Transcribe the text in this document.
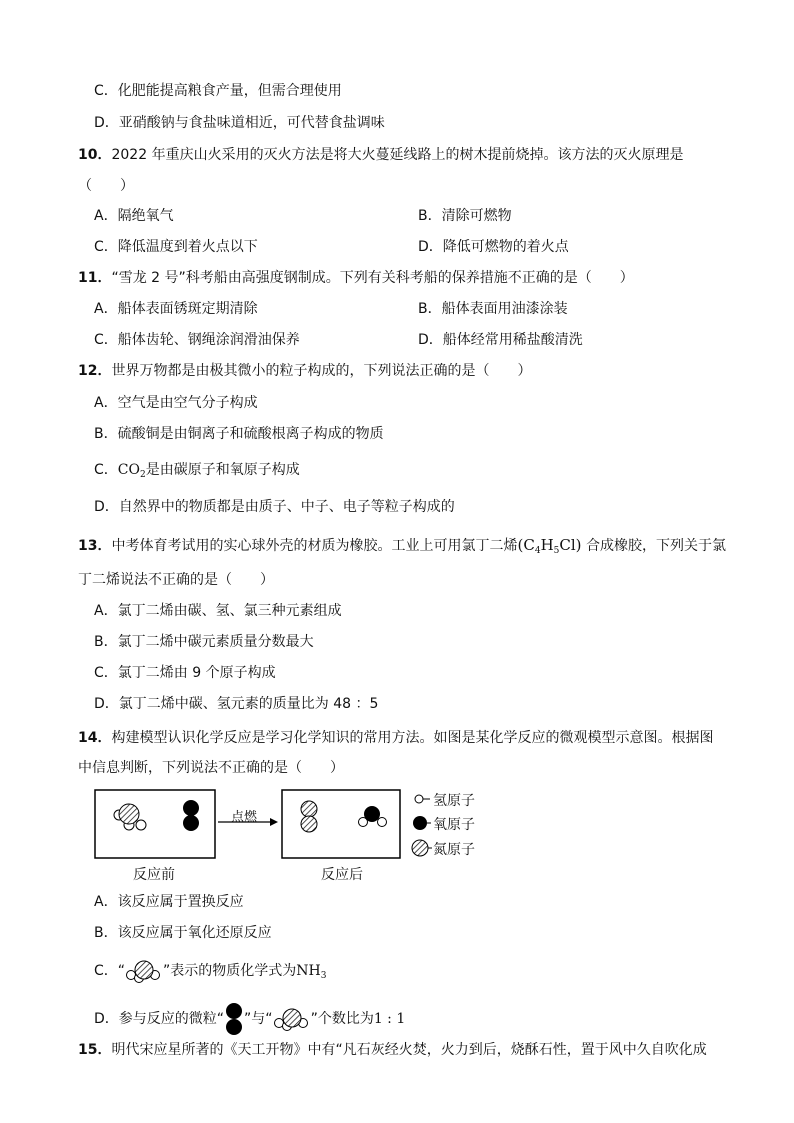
C．化肥能提高粮食产量，但需合理使用
D．亚硝酸钠与食盐味道相近，可代替食盐调味
10．2022 年重庆山火采用的灭火方法是将大火蔓延线路上的树木提前烧掉。该方法的灭火原理是
（　　）
A．隔绝氧气	B．清除可燃物
C．降低温度到着火点以下	D．降低可燃物的着火点
11．“雪龙 2 号”科考船由高强度钢制成。下列有关科考船的保养措施不正确的是（　　）
A．船体表面锈斑定期清除	B．船体表面用油漆涂装
C．船体齿轮、钢绳涂润滑油保养	D．船体经常用稀盐酸清洗
12．世界万物都是由极其微小的粒子构成的，下列说法正确的是（　　）
A．空气是由空气分子构成
B．硫酸铜是由铜离子和硫酸根离子构成的物质
C．$CO_2$是由碳原子和氧原子构成
D．自然界中的物质都是由质子、中子、电子等粒子构成的
13．中考体育考试用的实心球外壳的材质为橡胶。工业上可用氯丁二烯$(C_4H_5Cl)$ 合成橡胶，下列关于氯
丁二烯说法不正确的是（　　）
A．氯丁二烯由碳、氢、氯三种元素组成
B．氯丁二烯中碳元素质量分数最大
C．氯丁二烯由 9 个原子构成
D．氯丁二烯中碳、氢元素的质量比为 48 ：5
14．构建模型认识化学反应是学习化学知识的常用方法。如图是某化学反应的微观模型示意图。根据图
中信息判断，下列说法不正确的是（　　）
点燃
反应前	反应后
氢原子
氧原子
氮原子
A．该反应属于置换反应
B．该反应属于氧化还原反应
C．“	”表示的物质化学式为$NH_3$
D．参与反应的微粒“ ”与“	”个数比为1 : 1
15．明代宋应星所著的《天工开物》中有“凡石灰经火焚，火力到后，烧酥石性，置于风中久自吹化成
